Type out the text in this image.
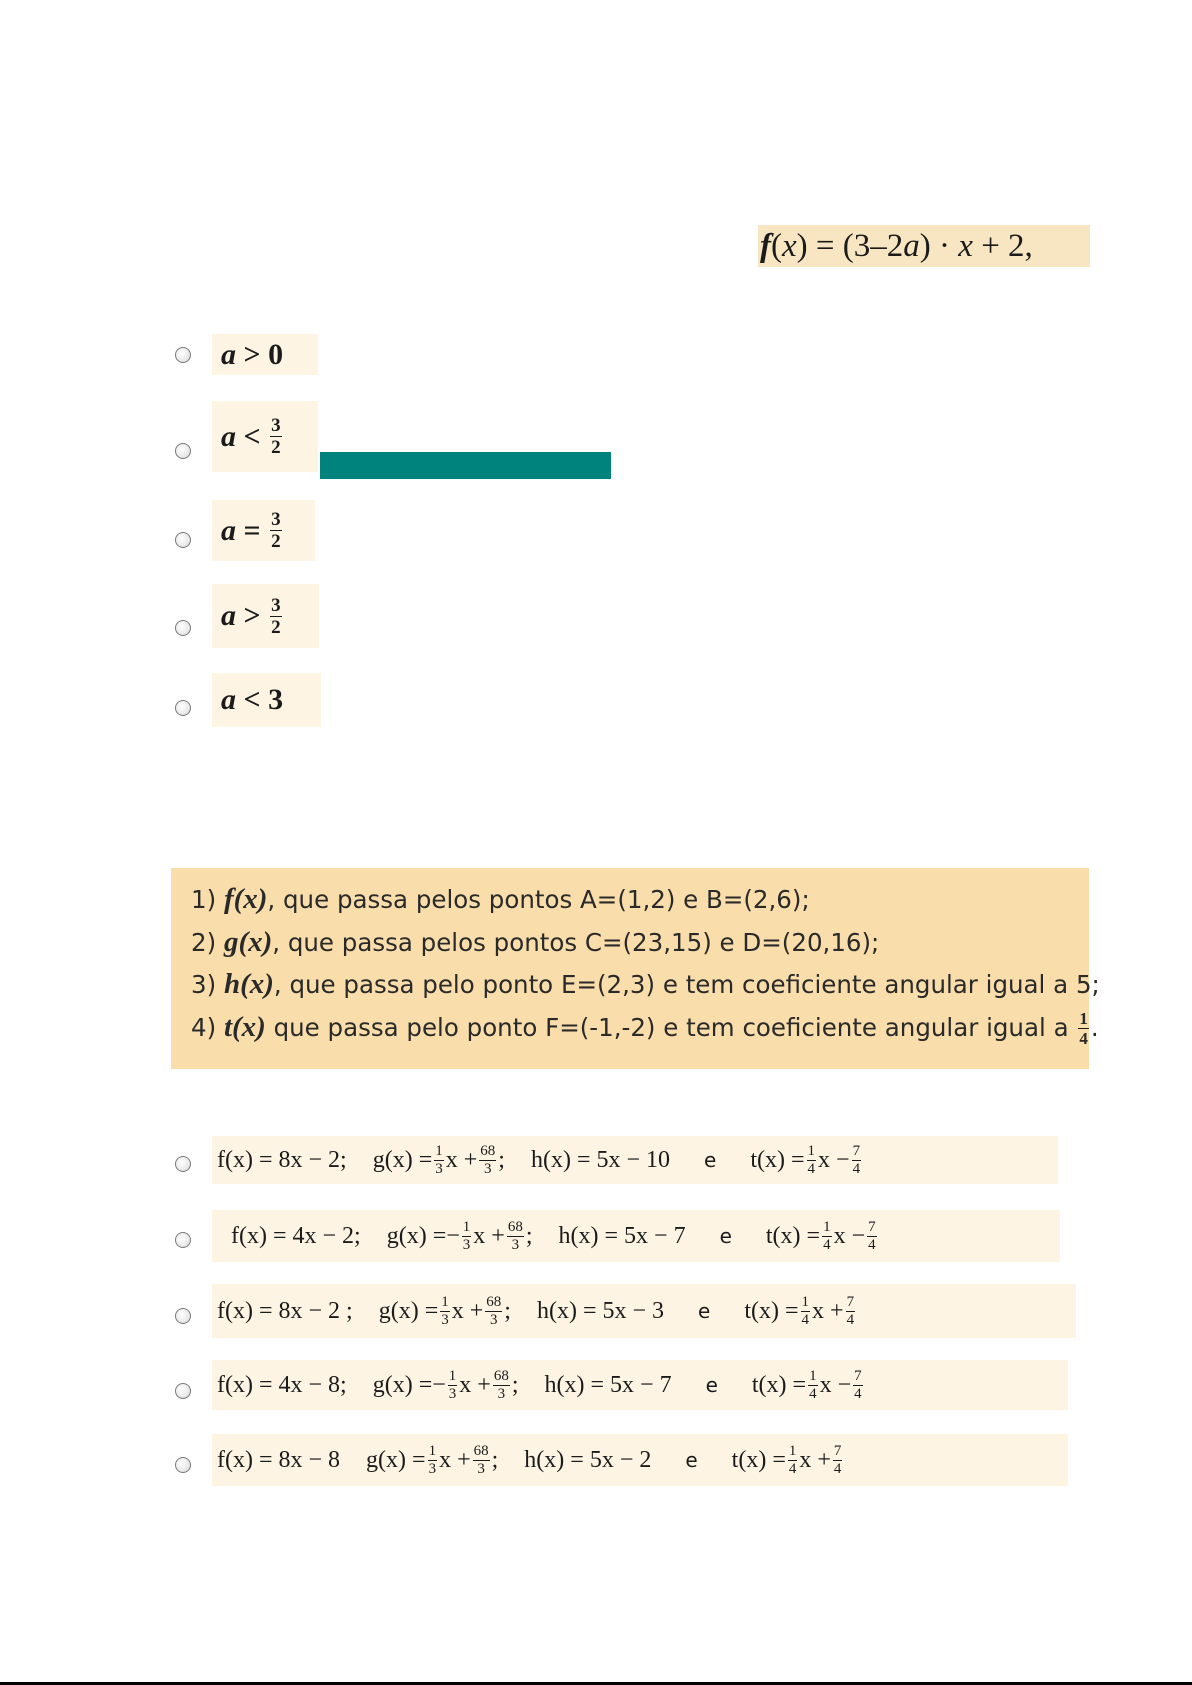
f(x) = (3–2a) · x + 2,
a
>
0
a
<
$\frac{3}{2}$
a
=
$\frac{3}{2}$
a
>
$\frac{3}{2}$
a
<
3
1) f(x), que passa pelos pontos A=(1,2) e B=(2,6);
2) g(x), que passa pelos pontos C=(23,15) e D=(20,16);
3) h(x), que passa pelo ponto E=(2,3) e tem coeficiente angular igual a 5;
4) t(x) que passa pelo ponto F=(-1,-2) e tem coeficiente angular igual a $\frac{1}{4}$ .
f(x) = 8x − 2; $g(x) = \frac{1}{3}$ $x + \frac{68}{3}$ ; h(x) = 5x − 10 e $t(x) = \frac{1}{4}$ $x - \frac{7}{4}$
f(x) = 4x − 2; g(x) = − $\frac{1}{3}$ $x + \frac{68}{3}$ ; h(x) = 5x − 7 e $t(x) = \frac{1}{4}$ $x - \frac{7}{4}$
f(x) = 8x − 2 ; $g(x) = \frac{1}{3}$ $x + \frac{68}{3}$ ; h(x) = 5x − 3 e $t(x) = \frac{1}{4}$ $x + \frac{7}{4}$
f(x) = 4x − 8; g(x) = − $\frac{1}{3}$ $x + \frac{68}{3}$ ; h(x) = 5x − 7 e $t(x) = \frac{1}{4}$ $x - \frac{7}{4}$
f(x) = 8x − 8 $g(x) = \frac{1}{3}$ $x + \frac{68}{3}$ ; h(x) = 5x − 2 e $t(x) = \frac{1}{4}$ $x + \frac{7}{4}$
